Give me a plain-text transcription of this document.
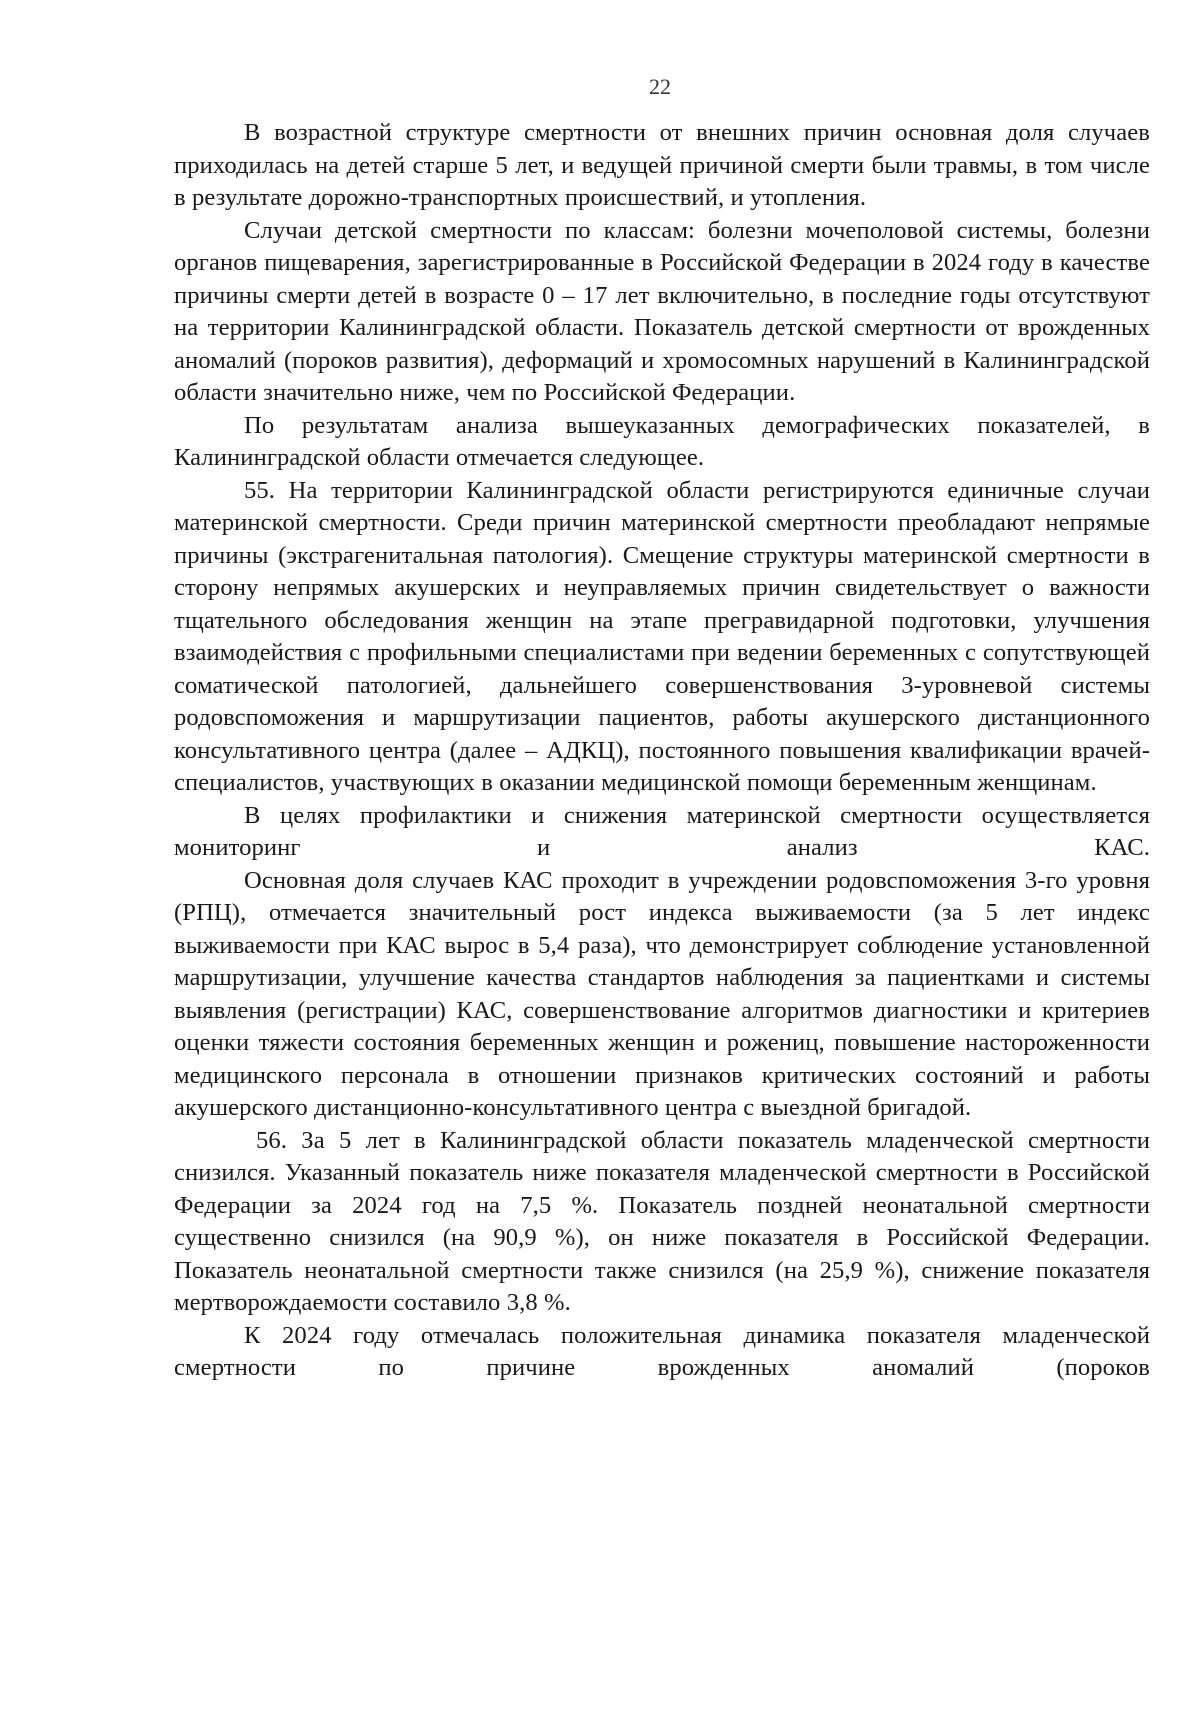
22

В возрастной структуре смертности от внешних причин основная доля случаев приходилась на детей старше 5 лет, и ведущей причиной смерти были травмы, в том числе в результате дорожно-транспортных происшествий, и утопления.

Случаи детской смертности по классам: болезни мочеполовой системы, болезни органов пищеварения, зарегистрированные в Российской Федерации в 2024 году в качестве причины смерти детей в возрасте 0 – 17 лет включительно, в последние годы отсутствуют на территории Калининградской области. Показатель детской смертности от врожденных аномалий (пороков развития), деформаций и хромосомных нарушений в Калининградской области значительно ниже, чем по Российской Федерации.

По результатам анализа вышеуказанных демографических показателей, в Калининградской области отмечается следующее.

55. На территории Калининградской области регистрируются единичные случаи материнской смертности. Среди причин материнской смертности преобладают непрямые причины (экстрагенитальная патология). Смещение структуры материнской смертности в сторону непрямых акушерских и неуправляемых причин свидетельствует о важности тщательного обследования женщин на этапе прегравидарной подготовки, улучшения взаимодействия с профильными специалистами при ведении беременных с сопутствующей соматической патологией, дальнейшего совершенствования 3-уровневой системы родовспоможения и маршрутизации пациентов, работы акушерского дистанционного консультативного центра (далее – АДКЦ), постоянного повышения квалификации врачей-специалистов, участвующих в оказании медицинской помощи беременным женщинам.

В целях профилактики и снижения материнской смертности осуществляется мониторинг и анализ КАС.

Основная доля случаев КАС проходит в учреждении родовспоможения 3-го уровня (РПЦ), отмечается значительный рост индекса выживаемости (за 5 лет индекс выживаемости при КАС вырос в 5,4 раза), что демонстрирует соблюдение установленной маршрутизации, улучшение качества стандартов наблюдения за пациентками и системы выявления (регистрации) КАС, совершенствование алгоритмов диагностики и критериев оценки тяжести состояния беременных женщин и рожениц, повышение настороженности медицинского персонала в отношении признаков критических состояний и работы акушерского дистанционно-консультативного центра с выездной бригадой.

56. За 5 лет в Калининградской области показатель младенческой смертности снизился. Указанный показатель ниже показателя младенческой смертности в Российской Федерации за 2024 год на 7,5 %. Показатель поздней неонатальной смертности существенно снизился (на 90,9 %), он ниже показателя в Российской Федерации. Показатель неонатальной смертности также снизился (на 25,9 %), снижение показателя мертворождаемости составило 3,8 %.

К 2024 году отмечалась положительная динамика показателя младенческой смертности по причине врожденных аномалий (пороков
